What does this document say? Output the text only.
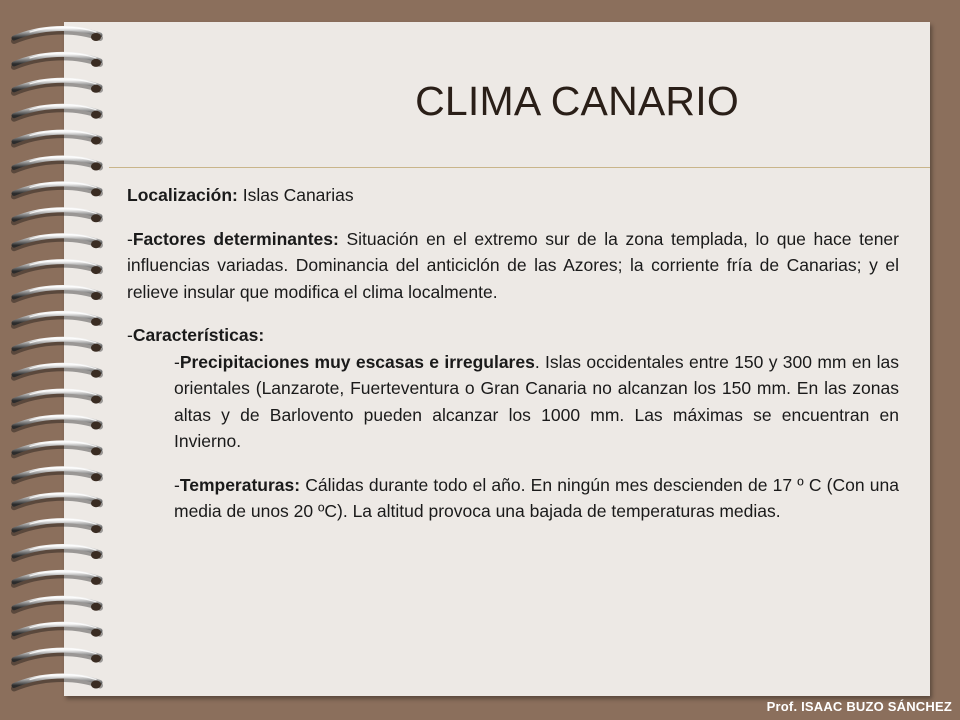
CLIMA CANARIO

Localización: Islas Canarias

-Factores determinantes: Situación en el extremo sur de la zona templada, lo que hace tener influencias variadas. Dominancia del anticiclón de las Azores; la corriente fría de Canarias; y el relieve insular que modifica el clima localmente.

-Características:

-Precipitaciones muy escasas e irregulares. Islas occidentales entre 150 y 300 mm en las orientales (Lanzarote, Fuerteventura o Gran Canaria no alcanzan los 150 mm. En las zonas altas y de Barlovento pueden alcanzar los 1000 mm. Las máximas se encuentran en Invierno.

-Temperaturas: Cálidas durante todo el año. En ningún mes descienden de 17 º C (Con una media de unos 20 ºC). La altitud provoca una bajada de temperaturas medias.

Prof. ISAAC BUZO SÁNCHEZ
